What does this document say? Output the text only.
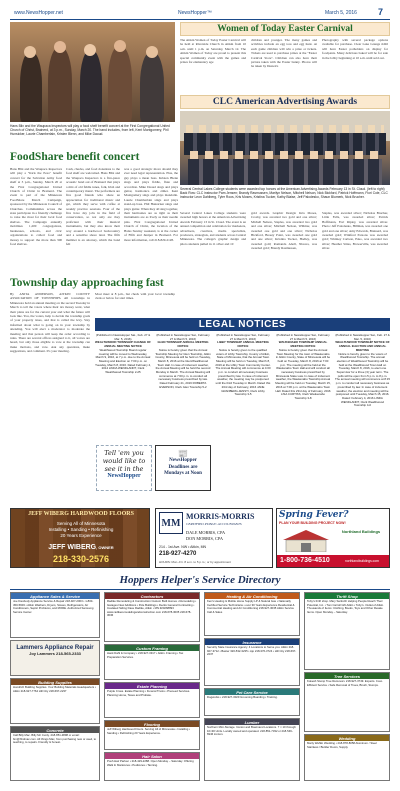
www.NewsHopper.net	NewsHopper™	March 5, 2016	7
Women of Today Easter Carnival
The Aitkin Women of Today Easter Carnival will be held at Riverside Church in Aitkin from 10 a.m. until 1 p.m. on Saturday, March 12. The Aitkin Women of Today are proud to present this special community event with the games and prizes for elementary age
children and younger. The many games and activities include an egg toss and egg hunt. At each game children will win a prize or tickets. Tickets are used to purchase prizes at the "Easter Carnival Store". Children can also have their picture taken with the Easter bunny. Photos will be taken by Dusten's
Photography with several package options available for purchase. Clear Lake Grange #492 will have Easter potholders on display for foodpants. Many delicious baked will be for sale in the lobby beginning at 10 a.m. until sold out.
Hans Blix and the Waupaca Inspectors will play a food shelf benefit concert at the First Congregational United Church of Christ, Brainerd, at 3 p.m., Sunday, March 20. The band includes, from left, Kent Montgomery, Phil Hunsicker, Laurie Chamberlain, Kristen Blenn, and Mike Daoud.
CLC American Advertising Awards
Several Central Lakes College students were awarded top honors at the American Advertising Awards February 13 in St. Cloud. (left to right) Back Row: CLC instructor Pam Jensen; Brandy Rasmussen, Marilyn Nelson, Mitchell Nelson, Nick Bickford, Patrick Hoffmann, Fiori Cole, CLC instructor Leon Dahlberg, Tyler Roos, Kris Moses, Kristina Tucker, Kathy Blaise, Jeff Palodesko, Shaun Blumerk, Nick Brucher.
Several Central Lakes College students were awarded high honors at the American Advertising Awards February 13 in St. Cloud. The event is an annual competition and celebration for marketers, advertisers, creatives, media specialists, producers, strategists, and students across Central Minnesota. The college's graphic design and photo students pulled in 11 silver and 10
gold awards. Graphic Design: Kris Moses, Crosby, was awarded two gold and one silver; Michell Nelson, Staples, was awarded two gold and one silver; Mitchell Nelson, Willmar, was awarded one gold and one silver; Nicholas Bickford, Breezy Point, was awarded one gold and one silver; Kristina Tucker, Hadley, was awarded gold; Romanda Abell, Nisswa, was awarded gold; Brandy Rasmussen,
Staples, was awarded silver; Nicholas Brucher, Little Falls, was awarded silver; Patrick Hoffmann, Fort Ripley, was awarded silver. Photo: Jeff Palodesko, Hillman, was awarded one gold and one silver; Amy Edwards, Brainerd, was awarded gold; Winifred Parsons was awarded gold; Whitney Carlson, Esko, was awarded two silver; Heather Stites, Browerville, was awarded silver.
FoodShare benefit concert
Hans Blix and the Waupaca Inspectors will play a "Kick the Peso" benefit concert for the Salvation Army food shelf at 3 p.m., Sunday, March 20 at the First Congregational United Church of Christ in Brainerd. The event is part of the Minnesota FoodShare March Campaign, sponsored by the Minnesota Council of Churches. Communities across the state participate in a friendly challenge to raise the most for their local food shelves. The Campaign annually mobilizes 1,200 congregations, businesses, schools, and civic organizations to collect food and money to support the more than 300 food shelves.
Cash, checks, and food donations to the food shelf are welcomed. Hans Blix and the Waupaca Inspectors is a five-piece acoustic band out of Brainerd that plays a mix of old fiddle tunes, folk, Irish and contemporary music. The performers are five good friends who share an appreciation for traditional music and get, which they serve with coffee at weekly practice sessions. Four of the five have day jobs in the field of conservation, so not only are they proficient with their musical instruments, but they also know their way around a hardwood backcountry and a sensitive shore land. The fifth member is an attorney, which the band felt
was a good strategic move should they ever need legal representation. Plus, the guy plays a mean bass. Kristen Blenn sings and plays fiddle, flute and accordion. Mike Daoud sings and plays guitar, harmonica and zither. Kent Montgomery sings and plays mandolin. Laurie Chamberlain sings and plays stand-up bass. Phil Hunsicker sings and plays guitar. When they all sing together, their harmonies are as tight as their instruments are as lively as their needle pins. First Congregational United Church of Christ, the location of the Hales Sunday weekend, is at the corner of Fifth and Juniper in Brainerd. For more information, call 218-829-2128.
Township day approaching fast
By ANITA ANDERSON, AITKIN COUNTY ASSOCIATION OF TOWNSHIPS. All townships in Minnesota hold an annual meeting on the second Tuesday in March to tell the voters where their tax money went, what their plans are for the current year and what the future will look like. You, the voters, help to decide the township goals of your property taxes, and that is called the levy. Stay informed about what is going on in your township by attending. You will elect a moderator to moderate the meeting and that person will keep the order according to rules. There are several offices assigned to it, all voices are heard, but only those eligible to vote at the township can make motions, and vote. Ask any questions, make suggestions, and comment. It's your meeting.
Most meet at 8 p.m., but check with your local township clerk or below for start times.
LEGAL NOTICES
(Published in NewsHopper Sat., Feb. 27 & Mar. 5, 2016)
WEALTHWOOD TOWNSHIP CHANGE OF ANNUAL MEETING NOTICE
Wealthwood Township Board regular meeting will be moved to Wednesday, March 9, 2016, at 7 p.m. due to the Annual Meeting and Election on 7:00 p.m. on Tuesday, March 8, 2016. Dated February 4, 2014 LINDA WENDLANDT, Clerk Wealthwood Township 2-25
(Published in NewsHopper Sat., February 27 & March 5, 2016)
GLEN TOWNSHIP ANNUAL MEETING NOTICE
Notice is hereby given that the Annual Township Meeting for Glen Township, Aitkin County, Minnesota will be held on Tuesday, March 8, 2016 at the Glen/Wealthwood Town Hall. In case of inclement weather, the Annual Meeting will be held the second Monday in March. The Annual Meeting will commence at 7:00 p.m. to conduct all necessary business prescribed by law. Dated February 21, 2016 ROBERTA EVERSON, Clerk Glen Township 5-2
(Published in NewsHopper Sat., February 27 & March 5, 2016)
LIBBY TOWNSHIP ANNUAL MEETING NOTICE
Notice is hereby given to the qualified voters of Libby Township, County of Aitkin, State of Minnesota, that the Annual Town Meeting will be held on Tuesday, March 8, 2016 at the Libby Town Community Center. The Annual Meeting will commence at 4:00 p.m. to conduct all necessary business prescribed by law. In case of inclement weather, the meeting may be postponed until the third Tuesday in March. Dated this 23rd day of February, 2016 JANE GRANBERG-JENSTI, Clerk Libby Township 3-5
(Published in NewsHopper Sat., February 27 & March 5, 2016)
WAUKENABO TOWNSHIP ANNUAL MEETING NOTICE
Notice is hereby given that the Annual Town Meeting for the town of Waukenabo in Aitkin County, State of Minnesota will be held on Tuesday, March 8, 2016 at 7:00 p.m. The meeting will be held at the Waukenabo Town Hall and will conduct all necessary business prescribed by Minnesota State Law. In case of inclement weather, the Waukenabo Township Annual Meeting will be held on Tuesday, March 15, 2016 at 7:00 p.m. at the Waukenabo Town Hall. Dated this 23rd day of February, 2016 LISA CURTISS, Clerk Waukenabo Township 3-8
(Published in NewsHopper Sat., Feb. 27 & Mar. 5, 2016)
WEALTHWOOD TOWNSHIP NOTICE OF ANNUAL ELECTION AND ANNUAL MEETING
Notice is hereby given to the voters of Wealthwood Township. The annual election of Wealthwood Township will be held at the Wealthwood Town Hall on Tuesday, March 8, 2016, to elect one Supervisor for a three (3) year term. The polls will be open from 5 p.m. to 8 p.m. The annual meeting will commence at 8:15 p.m. to conduct all necessary business as prescribed by law. In case of inclement weather, the election and meeting will be postponed until Tuesday, March 15, 2016. Dated: February 4, 2016 LINDA WENDLANDT, Clerk Wealthwood Township 4-0
Tell 'em you would like to see it in the
NewsHopper
📰
NewsHopper Deadlines are Mondays at Noon
JEFF WIBERG HARDWOOD FLOORS
Serving All of Minnesota
Installing • Sanding • Refinishing
20 Years Experience
JEFF WIBERG, OWNER
218-330-2576
MM
MORRIS-MORRIS
CERTIFIED PUBLIC ACCOUNTANTS
DALE MORRIS, CPA
DON MORRIS, CPA
214 - 1st Ave. NW • Aitkin, MN
218-927-4270
HOURS: Mon.-Fri. 8 a.m. to 5 p.m.; or by appointment
Spring Fever?
PLAN YOUR BUILDING PROJECT NOW!
Northland Buildings
1-800-736-4510	northlandbuildings.com
Hoppers Helper's Service Directory
Appliance Sales & Service
Joe Kiesbody Appliance Service & Repair 218-927-2003 • 1-800-450-5903 • Aitkin Washers, Dryers, Stoves, Refrigerators, Air Conditioners, Septic Problems, and MORE. Authorized Samsung Service Center.
Lammers Appliance Repair
Joy Lammers 218-565-2333
Building Supplies
Hondrich Building Supplies. Your Building Materials Headquarters • Aitkin 218-927-7764 Hill City 218-697-2237
Concrete
Call Billy Mac. Billy Mc Curdy. 218-851-3898 or email: bm@hbdmac.com. All things Mac, from purchasing new or used, to teaching, to repairs. Friendly & honest.
Contractors
Radtke Remodeling & Construction Custom Built Homes • Remodeling • Garages New Additions • Pole Buildings • Decks General Contracting • Insulated Siding Dave Radtke, Aitkin • MN #20268893 www.radtkeremodelingandconstruction.com 218-678-3035 218-678-3036
Custom Framing
Hank Dahl & Company • 218-927-3317 • Aitkin. Framing • Tax Preparation Services.
Estate Planning
Purple Cross. Estate Planning • Funeral Trusts • Preneed Services. Planning Home, Taxes and Probate.
Flooring
Jeff Wiberg Hardwood Floors. Serving All of Minnesota • Installing • Sanding • Refinishing 20 Years Experience.
Hair Salon
Posh Hair Parlour • 218-429-2288. Open Monday – Saturday. Offering Walk In Manicures • Pedicures • Tanning.
Heating & Air Conditioning
Ken's Heating & Mobile Home Supply LP & Natural Gas • Nationally Certified Service Technicians • over 30 Years Experience Residential & Commercial Heating and Air Conditioning 218-927-3035 Aitkin Service Call & Sales
Insurance
Security State Insurance Agency. 4 Locations to Serve you. Aitkin 218-927-3712 • Baxter 320-532-3235 • Ajo 218-376-3724 • Hill City 218-697-2237
Pet Care Service
Dogworks • 218-927-3029 Grooming Boarding • Training.
Lumber
Northern Mini-Storage. Ironton and Bowmand Locations. 7 × 10 through 10×30 Units. Locally owned and operated. 218-851-7332 or 218-546-6946 ironton.
Thrift Shop
Toby's thrift shop. Mary Sanforth Helping People Reach Their Potential, Inc. • Tom Carroll Gift Aitkin • Toby's. Outlet of Aitkin. Thousands of Items: Clothing, Books, Toys and Other Resale Items. Open Monday – Saturday.
Tree Services
Kokesh Stump Tree Removal • 218-927-3749. Experts. Cost-Efficient Service • Safe Removal of Trees, Brush, Stumps.
Wedding
Marty Wahlin Wedding • 218-878-8058 Aluminum / Steel Stainless / Builder Doors, Supply.
